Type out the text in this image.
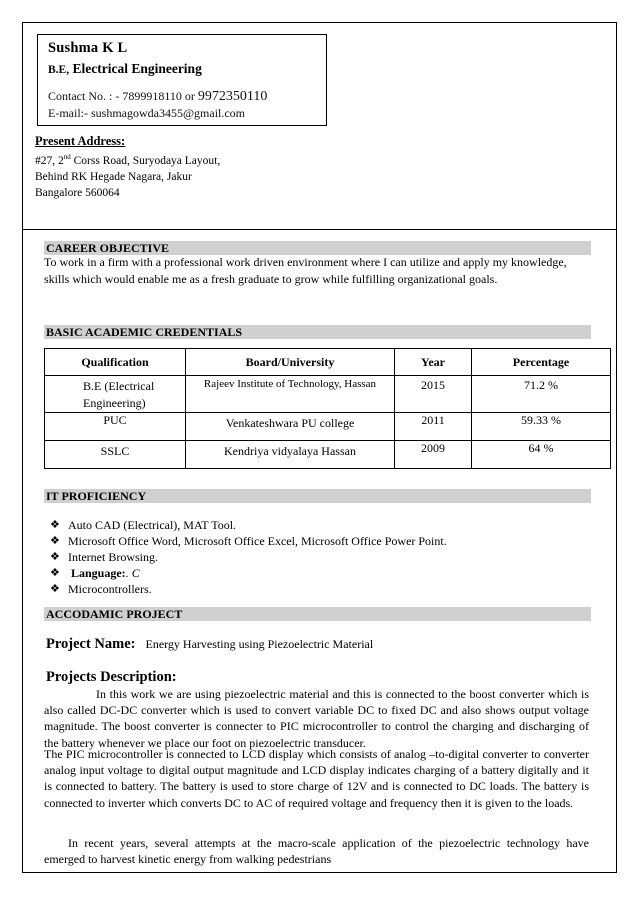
Sushma K L
B.E, Electrical Engineering
Contact No. : - 7899918110 or 9972350110
E-mail:- sushmagowda3455@gmail.com
Present Address:
#27, 2nd Corss Road, Suryodaya Layout,
Behind RK Hegade Nagara, Jakur
Bangalore 560064
CAREER OBJECTIVE
To work in a firm with a professional work driven environment where I can utilize and apply my knowledge, skills which would enable me as a fresh graduate to grow while fulfilling organizational goals.
BASIC ACADEMIC CREDENTIALS
Qualification	Board/University	Year	Percentage
B.E (Electrical Engineering)	Rajeev Institute of Technology, Hassan	2015	71.2 %
PUC	Venkateshwara PU college	2011	59.33 %
SSLC	Kendriya vidyalaya Hassan	2009	64 %
IT PROFICIENCY
❖ Auto CAD (Electrical), MAT Tool.
❖ Microsoft Office Word, Microsoft Office Excel, Microsoft Office Power Point.
❖ Internet Browsing.
❖ Language:. C
❖ Microcontrollers.
ACCODAMIC PROJECT
Project Name: Energy Harvesting using Piezoelectric Material
Projects Description:
In this work we are using piezoelectric material and this is connected to the boost converter which is also called DC-DC converter which is used to convert variable DC to fixed DC and also shows output voltage magnitude. The boost converter is connecter to PIC microcontroller to control the charging and discharging of the battery whenever we place our foot on piezoelectric transducer.
The PIC microcontroller is connected to LCD display which consists of analog –to-digital converter to converter analog input voltage to digital output magnitude and LCD display indicates charging of a battery digitally and it is connected to battery. The battery is used to store charge of 12V and is connected to DC loads. The battery is connected to inverter which converts DC to AC of required voltage and frequency then it is given to the loads.
In recent years, several attempts at the macro-scale application of the piezoelectric technology have emerged to harvest kinetic energy from walking pedestrians
